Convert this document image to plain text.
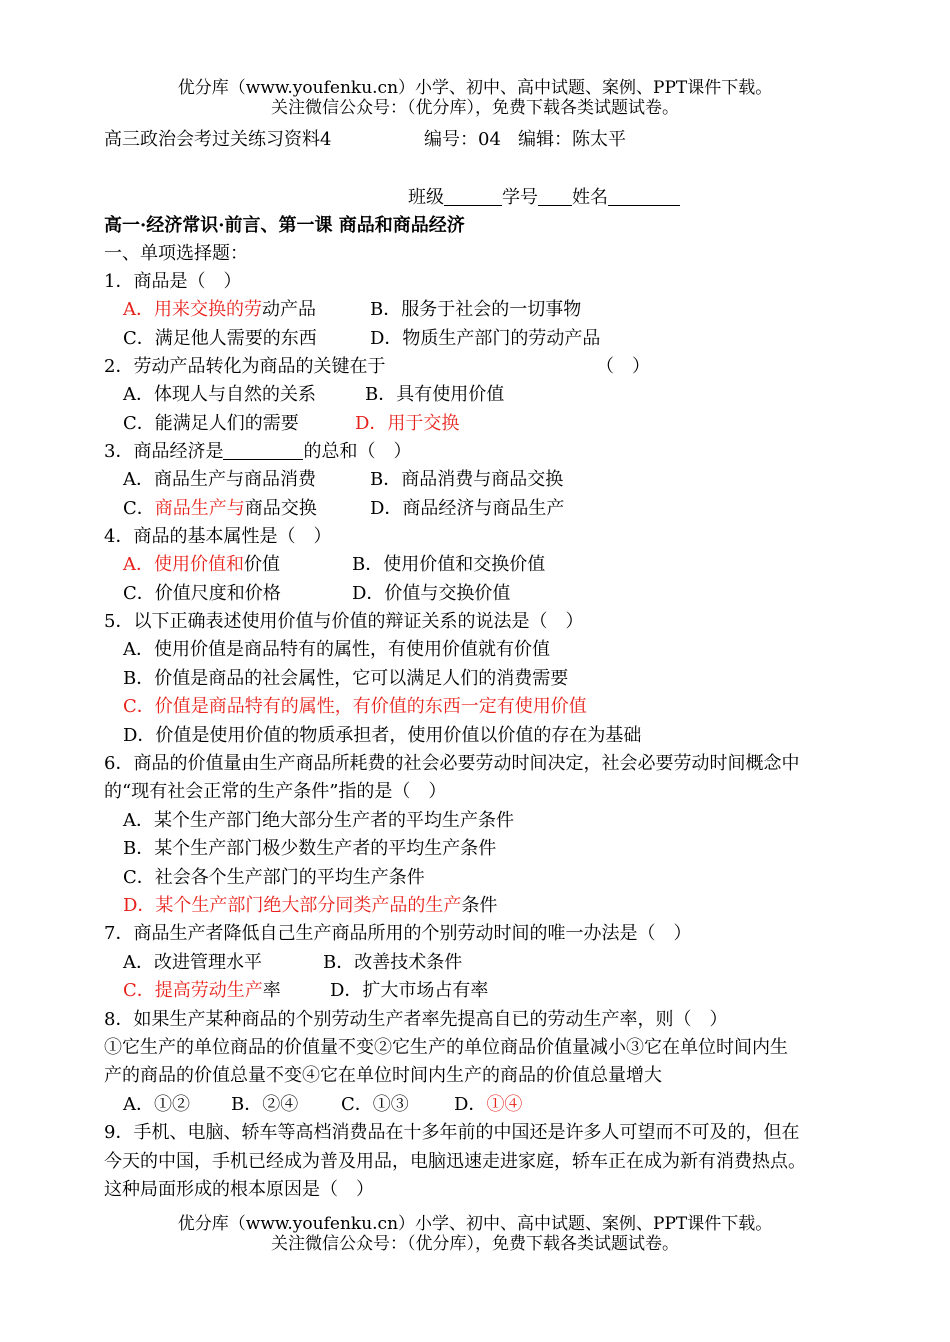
优分库（www.youfenku.cn）小学、初中、高中试题、案例、PPT课件下载。
关注微信公众号：（优分库），免费下载各类试题试卷。
高三政治会考过关练习资料4	编号：04 编辑：陈太平
班级	学号 姓名
高一·经济常识·前言、第一课 商品和商品经济
一、单项选择题：
1．商品是（　）
A．用来交换的劳动产品	B．服务于社会的一切事物
C．满足他人需要的东西	D．物质生产部门的劳动产品
2．劳动产品转化为商品的关键在于	（　）
A．体现人与自然的关系	B．具有使用价值
C．能满足人们的需要	D．用于交换
3．商品经济是	的总和（　）
A．商品生产与商品消费	B．商品消费与商品交换
C．商品生产与商品交换	D．商品经济与商品生产
4．商品的基本属性是（　）
A．使用价值和价值	B．使用价值和交换价值
C．价值尺度和价格	D．价值与交换价值
5．以下正确表述使用价值与价值的辩证关系的说法是（　）
A．使用价值是商品特有的属性，有使用价值就有价值
B．价值是商品的社会属性，它可以满足人们的消费需要
C．价值是商品特有的属性，有价值的东西一定有使用价值
D．价值是使用价值的物质承担者，使用价值以价值的存在为基础
6．商品的价值量由生产商品所耗费的社会必要劳动时间决定，社会必要劳动时间概念中
的“现有社会正常的生产条件”指的是（　）
A．某个生产部门绝大部分生产者的平均生产条件
B．某个生产部门极少数生产者的平均生产条件
C．社会各个生产部门的平均生产条件
D．某个生产部门绝大部分同类产品的生产条件
7．商品生产者降低自己生产商品所用的个别劳动时间的唯一办法是（　）
A．改进管理水平	B．改善技术条件
C．提高劳动生产率	D．扩大市场占有率
8．如果生产某种商品的个别劳动生产者率先提高自已的劳动生产率，则（　）
①它生产的单位商品的价值量不变②它生产的单位商品价值量减小③它在单位时间内生
产的商品的价值总量不变④它在单位时间内生产的商品的价值总量增大
A．①② B．②④ C．①③	D．①④
9．手机、电脑、轿车等高档消费品在十多年前的中国还是许多人可望而不可及的，但在
今天的中国，手机已经成为普及用品，电脑迅速走进家庭，轿车正在成为新有消费热点。
这种局面形成的根本原因是（　）
优分库（www.youfenku.cn）小学、初中、高中试题、案例、PPT课件下载。
关注微信公众号：（优分库），免费下载各类试题试卷。
